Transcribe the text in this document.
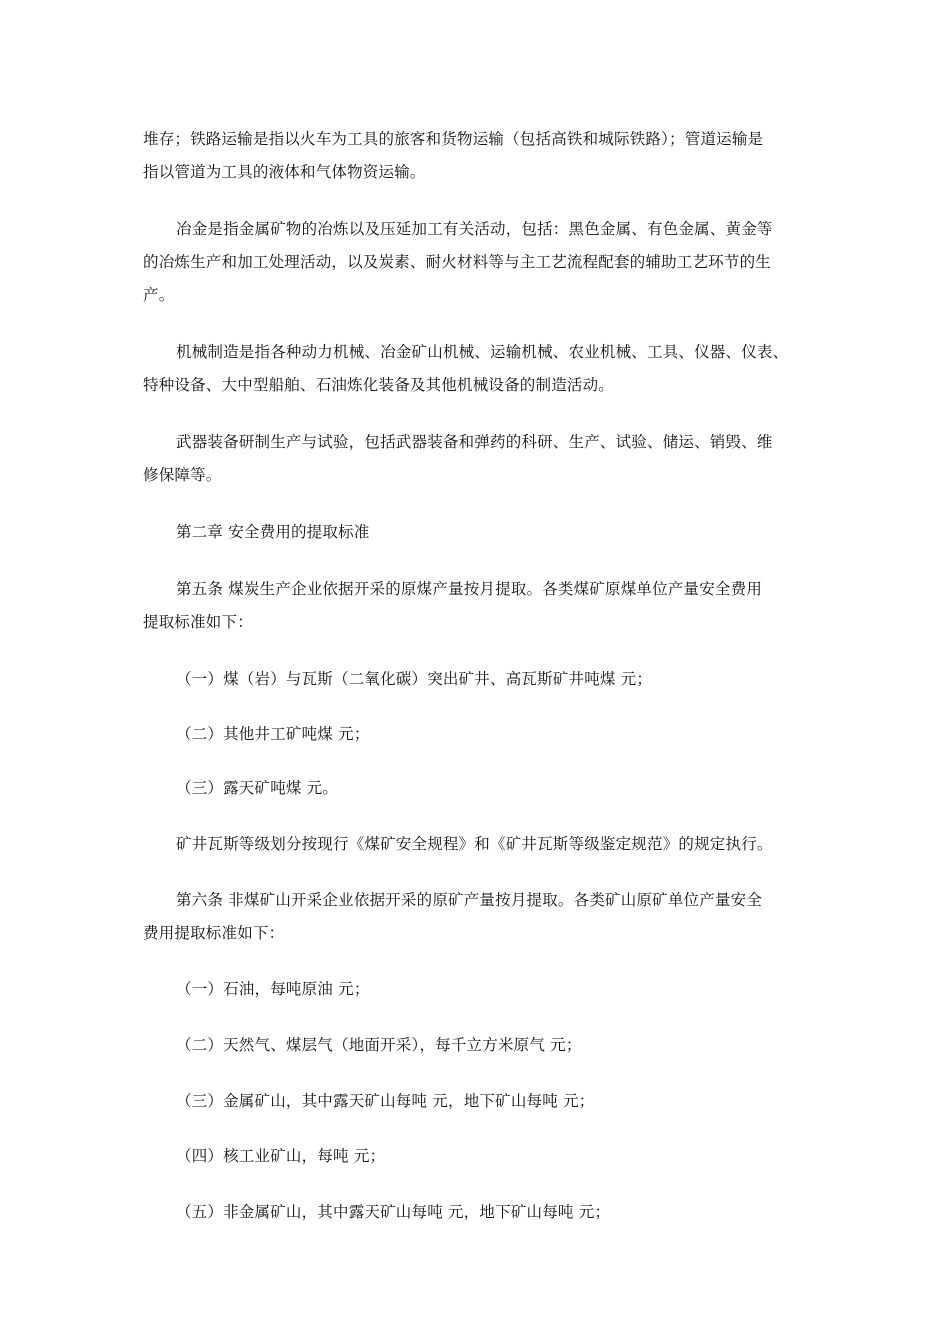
堆存；铁路运输是指以火车为工具的旅客和货物运输（包括高铁和城际铁路）；管道运输是
指以管道为工具的液体和气体物资运输。
冶金是指金属矿物的冶炼以及压延加工有关活动，包括：黑色金属、有色金属、黄金等
的冶炼生产和加工处理活动，以及炭素、耐火材料等与主工艺流程配套的辅助工艺环节的生
产。
机械制造是指各种动力机械、冶金矿山机械、运输机械、农业机械、工具、仪器、仪表、
特种设备、大中型船舶、石油炼化装备及其他机械设备的制造活动。
武器装备研制生产与试验，包括武器装备和弹药的科研、生产、试验、储运、销毁、维
修保障等。
第二章 安全费用的提取标准
第五条 煤炭生产企业依据开采的原煤产量按月提取。各类煤矿原煤单位产量安全费用
提取标准如下：
（一）煤（岩）与瓦斯（二氧化碳）突出矿井、高瓦斯矿井吨煤 元；
（二）其他井工矿吨煤 元；
（三）露天矿吨煤 元。
矿井瓦斯等级划分按现行《煤矿安全规程》和《矿井瓦斯等级鉴定规范》的规定执行。
第六条 非煤矿山开采企业依据开采的原矿产量按月提取。各类矿山原矿单位产量安全
费用提取标准如下：
（一）石油，每吨原油 元；
（二）天然气、煤层气（地面开采），每千立方米原气 元；
（三）金属矿山，其中露天矿山每吨 元，地下矿山每吨 元；
（四）核工业矿山，每吨 元；
（五）非金属矿山，其中露天矿山每吨 元，地下矿山每吨 元；
